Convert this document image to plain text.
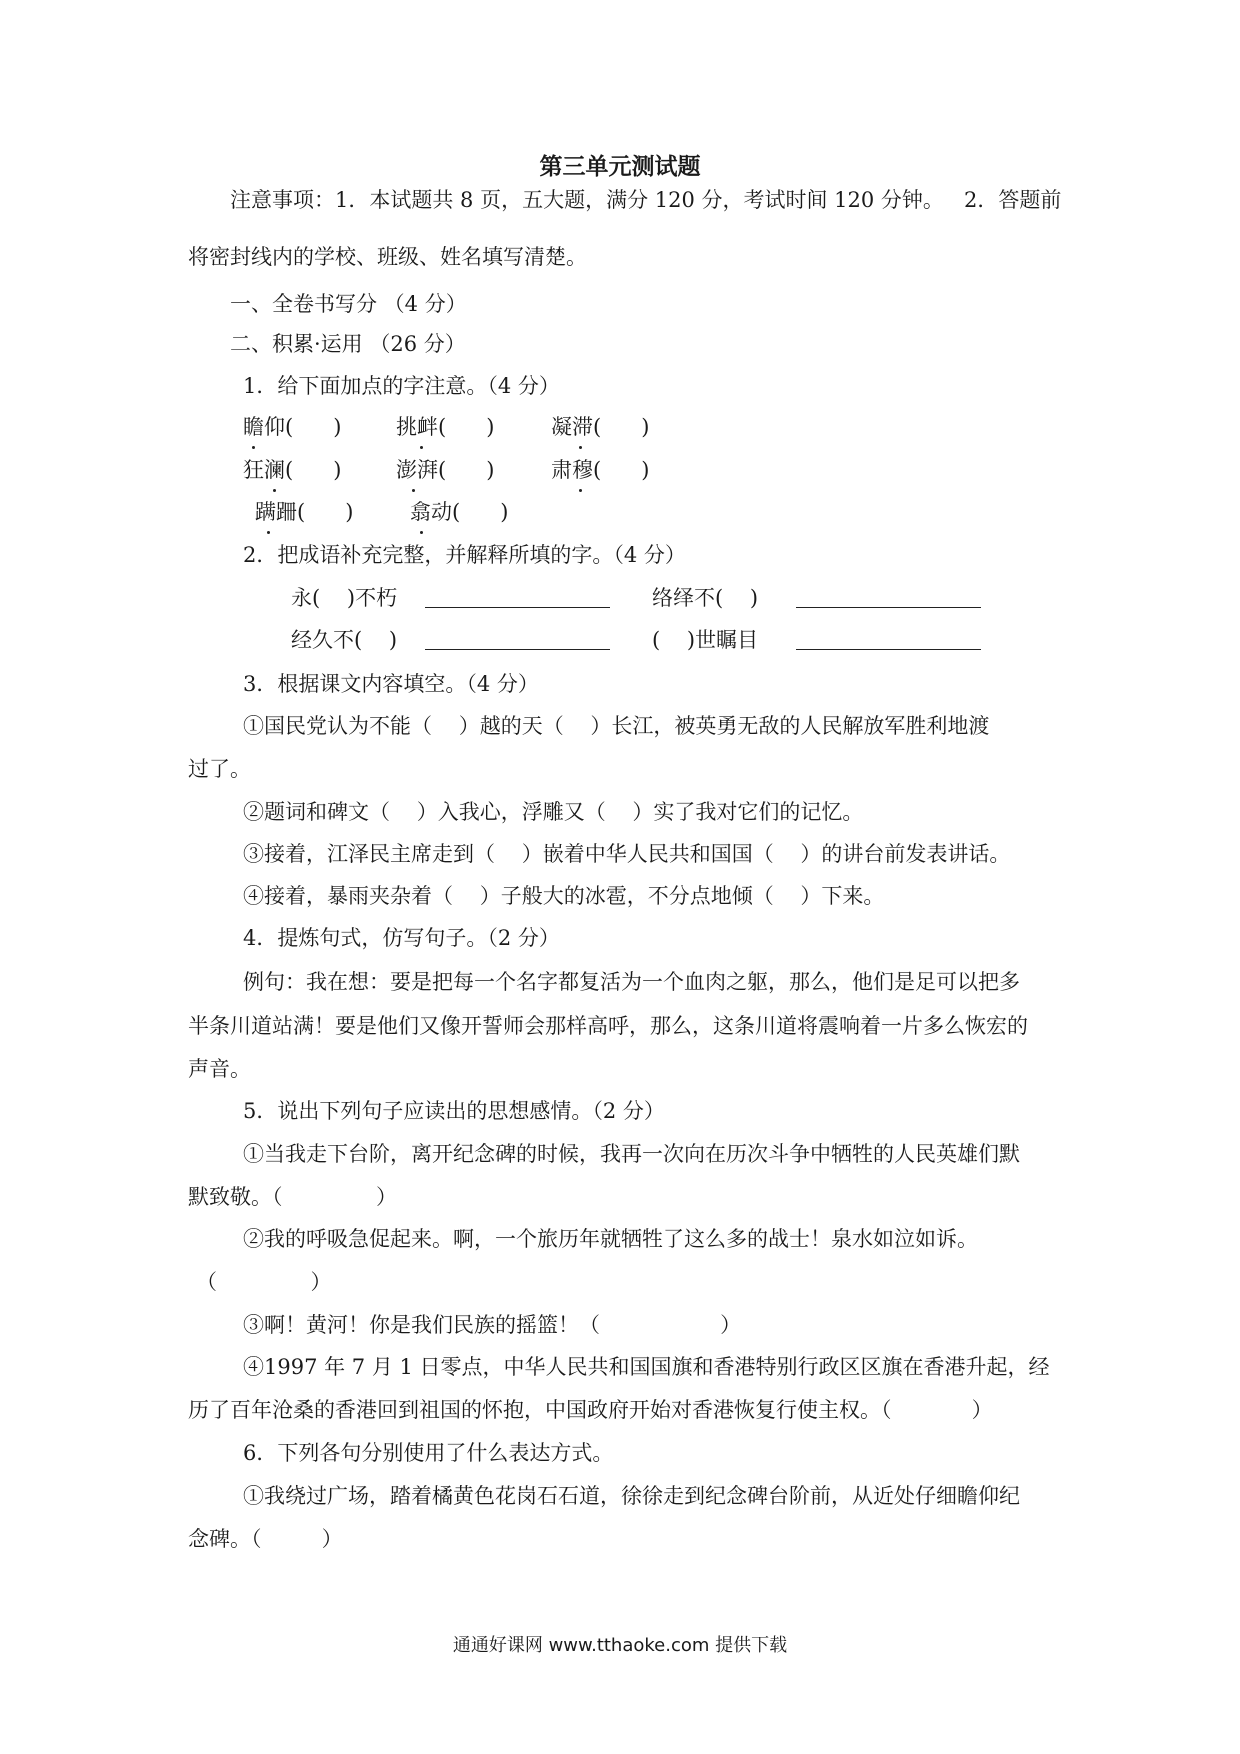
第三单元测试题
注意事项：1．本试题共 8 页，五大题，满分 120 分，考试时间 120 分钟。   2．答题前
将密封线内的学校、班级、姓名填写清楚。
一、全卷书写分 （4 分）
二、积累·运用 （26 分）
1．给下面加点的字注意。（4 分）
瞻仰(      )	挑衅(      )	凝滞(      )
狂澜(      )	澎湃(      )	肃穆(      )
蹒跚(      )	翕动(      )
2．把成语补充完整，并解释所填的字。（4 分）
永(    )不朽	络绎不(    )
经久不(    )	(    )世瞩目
3．根据课文内容填空。（4 分）
①国民党认为不能（    ）越的天（    ）长江，被英勇无敌的人民解放军胜利地渡
过了。
②题词和碑文（    ）入我心，浮雕又（    ）实了我对它们的记忆。
③接着，江泽民主席走到（    ）嵌着中华人民共和国国（    ）的讲台前发表讲话。
④接着，暴雨夹杂着（    ）子般大的冰雹，不分点地倾（    ）下来。
4．提炼句式，仿写句子。（2 分）
例句：我在想：要是把每一个名字都复活为一个血肉之躯，那么，他们是足可以把多
半条川道站满！要是他们又像开誓师会那样高呼，那么，这条川道将震响着一片多么恢宏的
声音。
5．说出下列句子应读出的思想感情。（2 分）
①当我走下台阶，离开纪念碑的时候，我再一次向在历次斗争中牺牲的人民英雄们默
默致敬。（              ）
②我的呼吸急促起来。啊，一个旅历年就牺牲了这么多的战士！泉水如泣如诉。
（              ）
③啊！黄河！你是我们民族的摇篮！（                  ）
④1997 年 7 月 1 日零点，中华人民共和国国旗和香港特别行政区区旗在香港升起，经
历了百年沧桑的香港回到祖国的怀抱，中国政府开始对香港恢复行使主权。（            ）
6．下列各句分别使用了什么表达方式。
①我绕过广场，踏着橘黄色花岗石石道，徐徐走到纪念碑台阶前，从近处仔细瞻仰纪
念碑。（         ）
通通好课网 www.tthaoke.com 提供下载
